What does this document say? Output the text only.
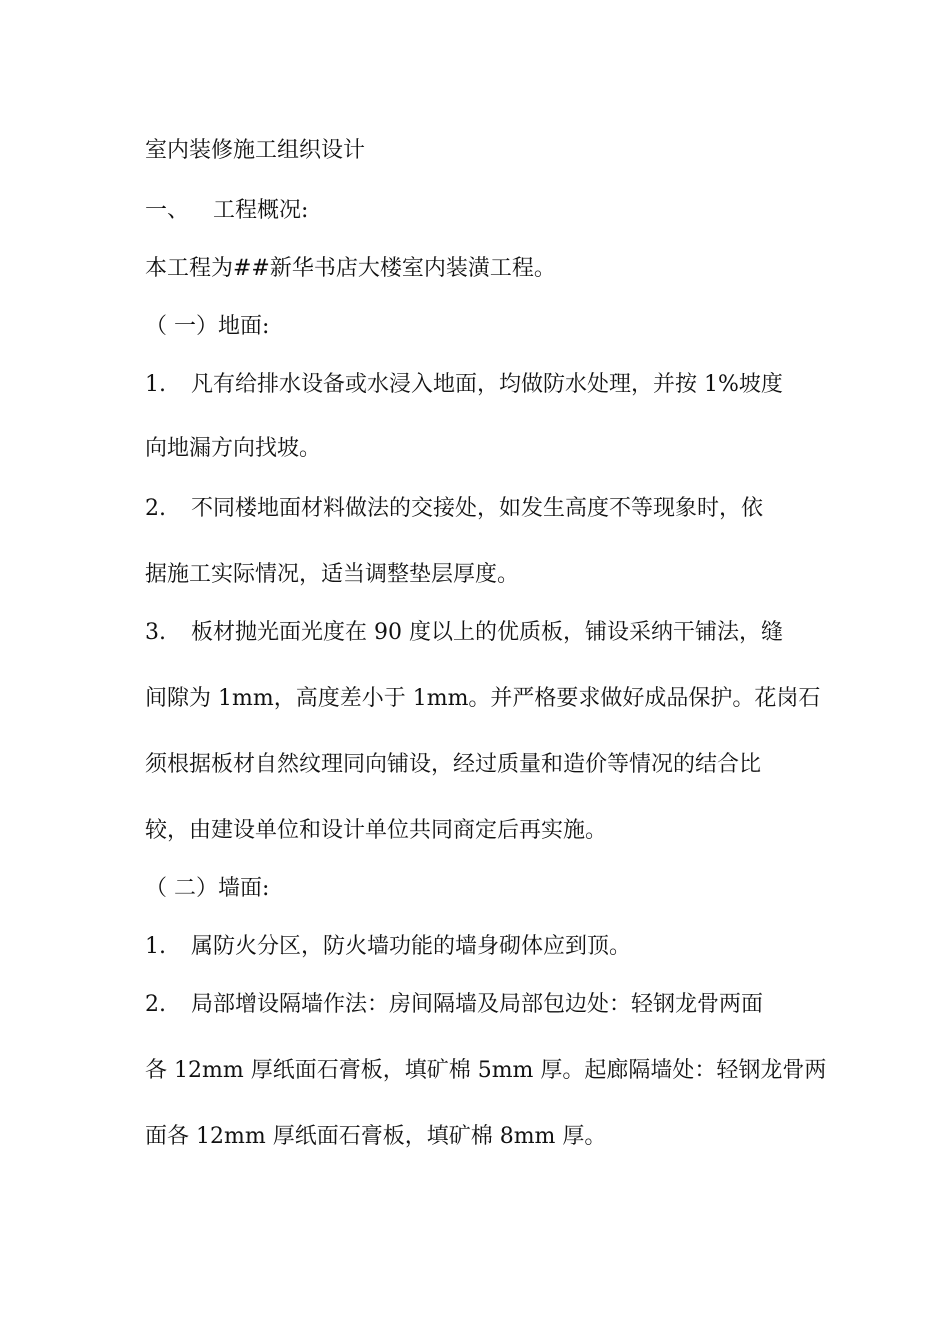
室内装修施工组织设计
一、 工程概况:
本工程为##新华书店大楼室内装潢工程。
（ 一）地面:
1. 凡有给排水设备或水浸入地面，均做防水处理，并按 1%坡度
向地漏方向找坡。
2. 不同楼地面材料做法的交接处，如发生高度不等现象时，依
据施工实际情况，适当调整垫层厚度。
3. 板材抛光面光度在 90 度以上的优质板，铺设采纳干铺法，缝
间隙为 1mm，高度差小于 1mm。并严格要求做好成品保护。花岗石
须根据板材自然纹理同向铺设，经过质量和造价等情况的结合比
较，由建设单位和设计单位共同商定后再实施。
（ 二）墙面:
1. 属防火分区，防火墙功能的墙身砌体应到顶。
2. 局部增设隔墙作法：房间隔墙及局部包边处：轻钢龙骨两面
各 12mm 厚纸面石膏板，填矿棉 5mm 厚。起廊隔墙处：轻钢龙骨两
面各 12mm 厚纸面石膏板，填矿棉 8mm 厚。
